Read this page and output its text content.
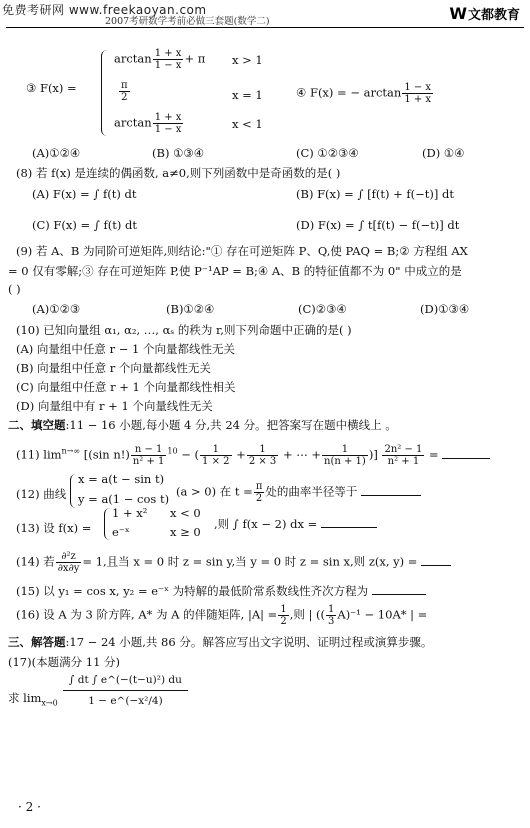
免费考研网 www.freekaoyan.com
2007考研数学考前必做三套题(数学二)	W 文都教育
③ F(x) =
$\arctan \frac{1 + x}{1 - x} + \pi$ x > 1
$\frac{\pi}{2}$	x = 1
$\arctan \frac{1 + x}{1 - x}$	x < 1
④ F(x) = − $\arctan \frac{1 - x}{1 + x}$
(A)①②④	(B) ①③④	(C) ①②③④	(D) ①④
(8) 若 f(x) 是连续的偶函数, a≠0,则下列函数中是奇函数的是( )
(A) F(x) = ∫ f(t) dt	(B) F(x) = ∫ [f(t) + f(−t)] dt
(C) F(x) = ∫ f(t) dt	(D) F(x) = ∫ t[f(t) − f(−t)] dt
(9) 若 A、B 为同阶可逆矩阵,则结论:"① 存在可逆矩阵 P、Q,使 PAQ = B;② 方程组 AX
= 0 仅有零解;③ 存在可逆矩阵 P,使 P⁻¹AP = B;④ A、B 的特征值都不为 0" 中成立的是
( )
(A)①②③	(B)①②④	(C)②③④	(D)①③④
(10) 已知向量组 α₁, α₂, …, αₛ 的秩为 r,则下列命题中正确的是( )
(A) 向量组中任意 r − 1 个向量都线性无关
(B) 向量组中任意 r 个向量都线性无关
(C) 向量组中任意 r + 1 个向量都线性相关
(D) 向量组中有 r + 1 个向量线性无关
二、填空题:11 − 16 小题,每小题 4 分,共 24 分。把答案写在题中横线上 。
(11) $\lim^{n\to\infty} [(\sin$ $n!) \frac{n - 1}{\text{n² + 1}} ^{10}$ − ( $\frac{1}{1 \times 2} + \frac{1}{2 \times 3}$ + ⋯ + $\frac{1}{n(n + 1)}$ )] $\frac{\text{2n² − 1}}{\text{n² + 1}}$ =
(12) 曲线
x = a(t − sin t)
y = a(1 − cos t)
(a > 0) 在 $t = \frac{\pi}{2}$ 处的曲率半径等于
(13) 设 f(x) =
1 + x² x < 0
e⁻ˣ	x ≥ 0
,则 ∫ f(x − 2) dx =
(14) 若 $\frac{\text{∂²z}}{\partial x\partial y} = 1$,且当 x = 0 时 z = sin y,当 y = 0 时 z = sin x,则 z(x, y) =
(15) 以 y₁ = cos x, y₂ = e⁻ˣ 为特解的最低阶常系数线性齐次方程为
(16) 设 A 为 3 阶方阵, A* 为 A 的伴随矩阵, $|A| = \frac{1}{2}$ ,则 | (( $\frac{1}{3} A)^{-1} - 10A*$ | =
三、解答题:17 − 24 小题,共 86 分。解答应写出文字说明、证明过程或演算步骤。
(17)(本题满分 11 分)
求 $\lim_{x\to 0} \frac{\text{∫ dt ∫ e\textasciicircum{}(−(t−u)²) du}}{\text{1 − e\textasciicircum{}(−x²/4)}}$
· 2 ·
